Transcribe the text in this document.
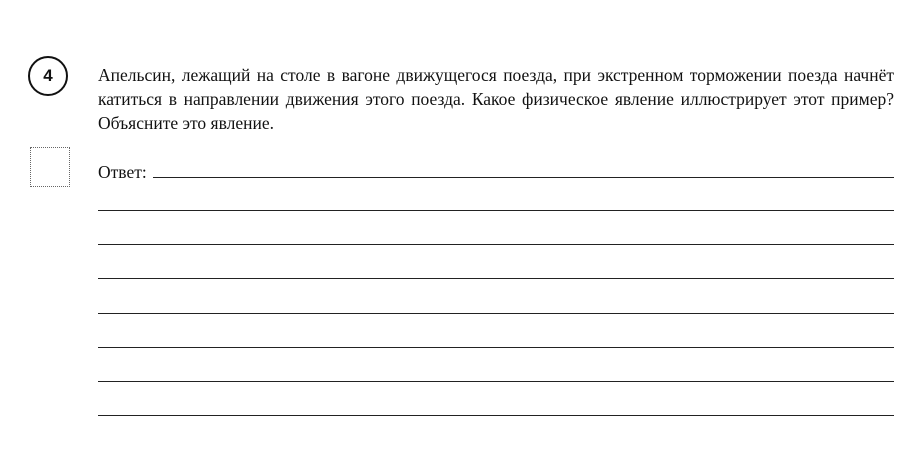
4	Апельсин, лежащий на столе в вагоне движущегося поезда, при экстренном торможении поезда начнёт катиться в направлении движения этого поезда. Какое физическое явление иллюстрирует этот пример? Объясните это явление.

Ответ:
